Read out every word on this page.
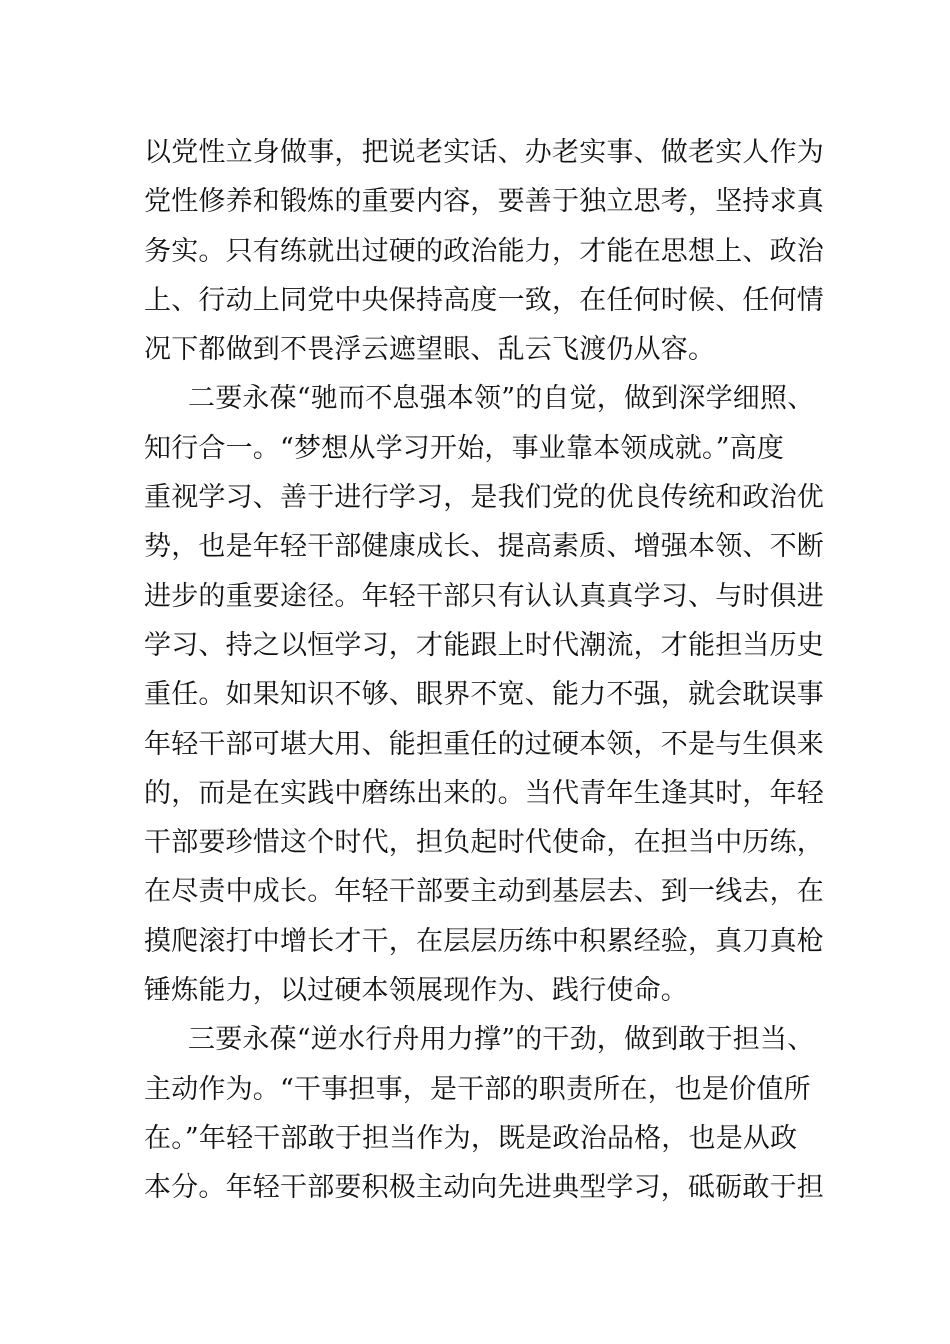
以党性立身做事，把说老实话、办老实事、做老实人作为
党性修养和锻炼的重要内容，要善于独立思考，坚持求真
务实。只有练就出过硬的政治能力，才能在思想上、政治
上、行动上同党中央保持高度一致，在任何时候、任何情
况下都做到不畏浮云遮望眼、乱云飞渡仍从容。
二要永葆“驰而不息强本领”的自觉，做到深学细照、
知行合一。“梦想从学习开始，事业靠本领成就。”高度
重视学习、善于进行学习，是我们党的优良传统和政治优
势，也是年轻干部健康成长、提高素质、增强本领、不断
进步的重要途径。年轻干部只有认认真真学习、与时俱进
学习、持之以恒学习，才能跟上时代潮流，才能担当历史
重任。如果知识不够、眼界不宽、能力不强，就会耽误事
年轻干部可堪大用、能担重任的过硬本领，不是与生俱来
的，而是在实践中磨练出来的。当代青年生逢其时，年轻
干部要珍惜这个时代，担负起时代使命，在担当中历练，
在尽责中成长。年轻干部要主动到基层去、到一线去，在
摸爬滚打中增长才干，在层层历练中积累经验，真刀真枪
锤炼能力，以过硬本领展现作为、践行使命。
三要永葆“逆水行舟用力撑”的干劲，做到敢于担当、
主动作为。“干事担事，是干部的职责所在，也是价值所
在。”年轻干部敢于担当作为，既是政治品格，也是从政
本分。年轻干部要积极主动向先进典型学习，砥砺敢于担
